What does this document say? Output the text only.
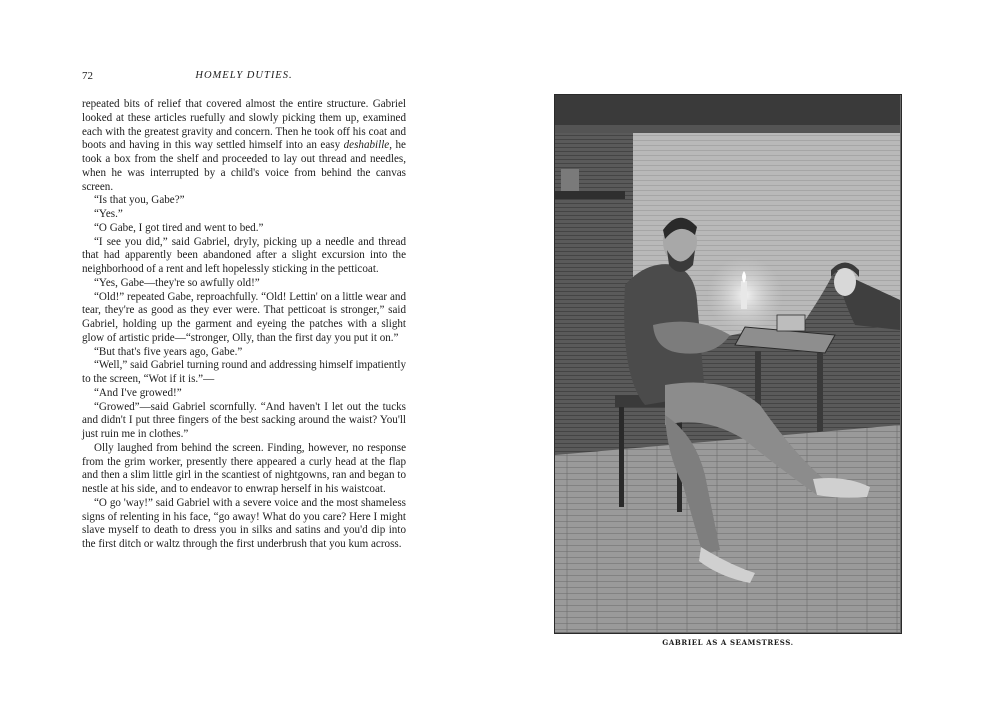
72	HOMELY DUTIES.

repeated bits of relief that covered almost the entire structure. Gabriel looked at these articles ruefully and slowly picking them up, examined each with the greatest gravity and concern. Then he took off his coat and boots and having in this way settled himself into an easy deshabille, he took a box from the shelf and proceeded to lay out thread and needles, when he was interrupted by a child's voice from behind the canvas screen.

“Is that you, Gabe?”

“Yes.”

“O Gabe, I got tired and went to bed.”

“I see you did,” said Gabriel, dryly, picking up a needle and thread that had apparently been abandoned after a slight excursion into the neighborhood of a rent and left hopelessly sticking in the petticoat.

“Yes, Gabe—they're so awfully old!”

“Old!” repeated Gabe, reproachfully. “Old! Lettin' on a little wear and tear, they're as good as they ever were. That petticoat is stronger,” said Gabriel, holding up the garment and eyeing the patches with a slight glow of artistic pride—“stronger, Olly, than the first day you put it on.”

“But that's five years ago, Gabe.”

“Well,” said Gabriel turning round and addressing himself impatiently to the screen, “Wot if it is.”—

“And I've growed!”

“Growed”—said Gabriel scornfully. “And haven't I let out the tucks and didn't I put three fingers of the best sacking around the waist? You'll just ruin me in clothes.”

Olly laughed from behind the screen. Finding, however, no response from the grim worker, presently there appeared a curly head at the flap and then a slim little girl in the scantiest of nightgowns, ran and began to nestle at his side, and to endeavor to enwrap herself in his waistcoat.

“O go 'way!” said Gabriel with a severe voice and the most shameless signs of relenting in his face, “go away! What do you care? Here I might slave myself to death to dress you in silks and satins and you'd dip into the first ditch or waltz through the first underbrush that you kum across.

GABRIEL AS A SEAMSTRESS.
